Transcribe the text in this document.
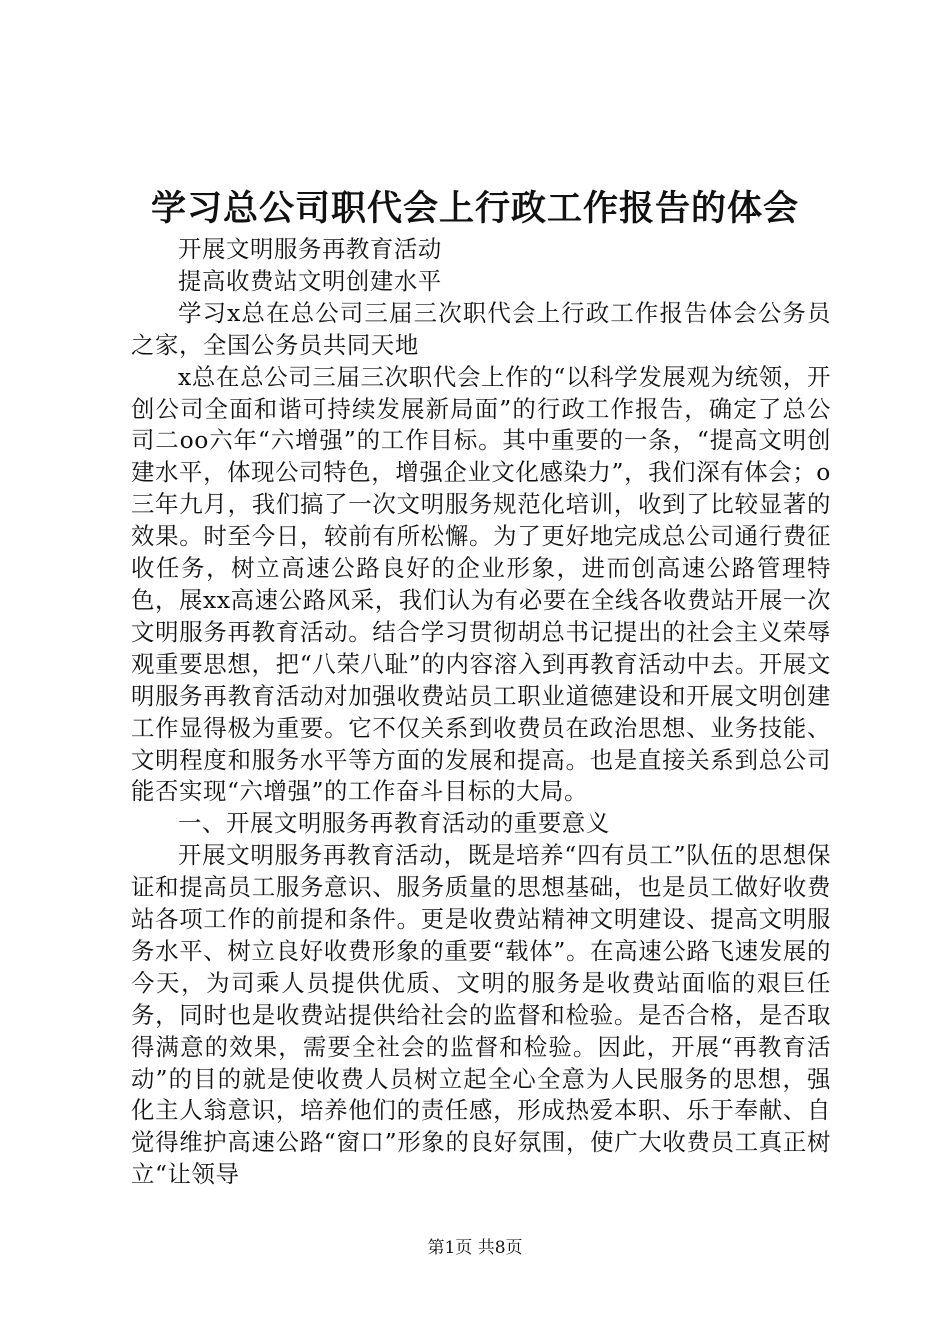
学习总公司职代会上行政工作报告的体会

开展文明服务再教育活动

提高收费站文明创建水平

学习x总在总公司三届三次职代会上行政工作报告体会公务员之家，全国公务员共同天地

x总在总公司三届三次职代会上作的“以科学发展观为统领，开创公司全面和谐可持续发展新局面”的行政工作报告，确定了总公司二oo六年“六增强”的工作目标。其中重要的一条，“提高文明创建水平，体现公司特色，增强企业文化感染力”，我们深有体会；o三年九月，我们搞了一次文明服务规范化培训，收到了比较显著的效果。时至今日，较前有所松懈。为了更好地完成总公司通行费征收任务，树立高速公路良好的企业形象，进而创高速公路管理特色，展xx高速公路风采，我们认为有必要在全线各收费站开展一次文明服务再教育活动。结合学习贯彻胡总书记提出的社会主义荣辱观重要思想，把“八荣八耻”的内容溶入到再教育活动中去。开展文明服务再教育活动对加强收费站员工职业道德建设和开展文明创建工作显得极为重要。它不仅关系到收费员在政治思想、业务技能、文明程度和服务水平等方面的发展和提高。也是直接关系到总公司能否实现“六增强”的工作奋斗目标的大局。

一、开展文明服务再教育活动的重要意义

开展文明服务再教育活动，既是培养“四有员工”队伍的思想保证和提高员工服务意识、服务质量的思想基础，也是员工做好收费站各项工作的前提和条件。更是收费站精神文明建设、提高文明服务水平、树立良好收费形象的重要“载体”。在高速公路飞速发展的今天，为司乘人员提供优质、文明的服务是收费站面临的艰巨任务，同时也是收费站提供给社会的监督和检验。是否合格，是否取得满意的效果，需要全社会的监督和检验。因此，开展“再教育活动”的目的就是使收费人员树立起全心全意为人民服务的思想，强化主人翁意识，培养他们的责任感，形成热爱本职、乐于奉献、自觉得维护高速公路“窗口”形象的良好氛围，使广大收费员工真正树立“让领导

第1页 共8页
